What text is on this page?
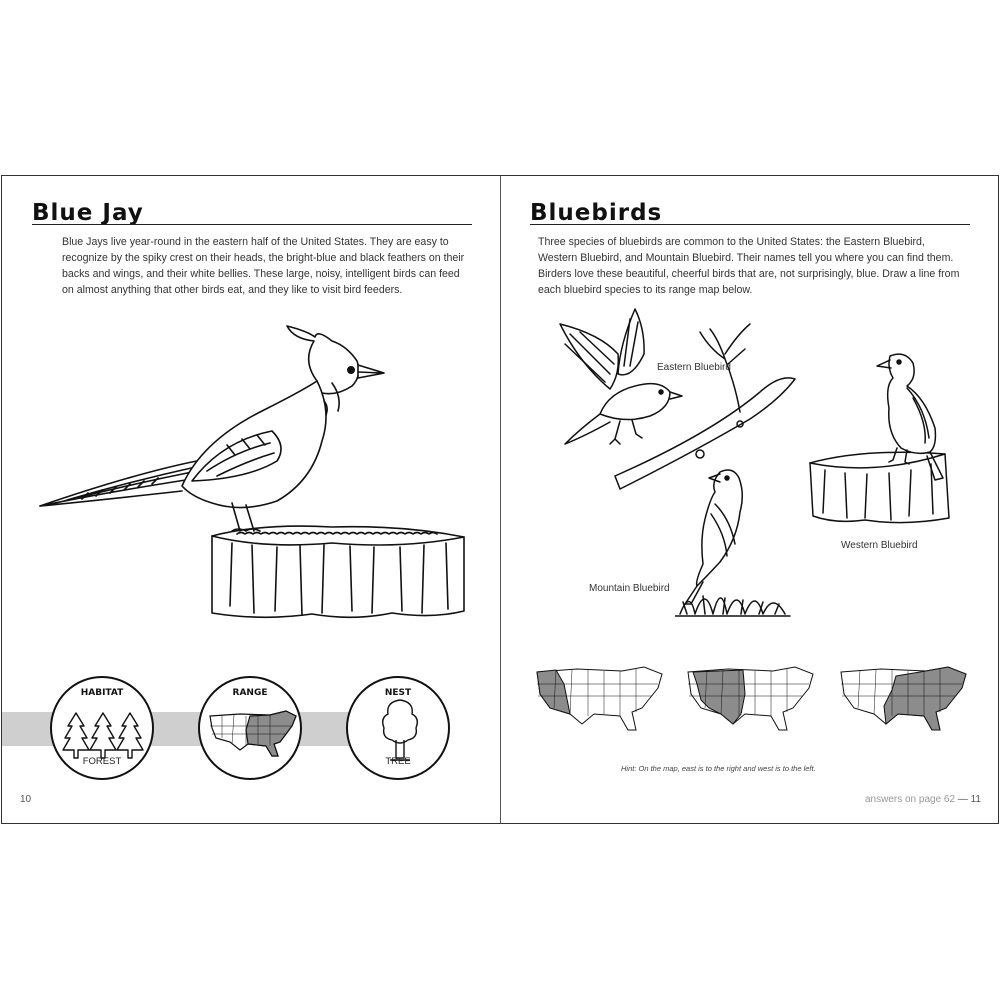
Blue Jay

Blue Jays live year-round in the eastern half of the United States. They are easy to recognize by the spiky crest on their heads, the bright-blue and black feathers on their backs and wings, and their white bellies. These large, noisy, intelligent birds can feed on almost anything that other birds eat, and they like to visit bird feeders.

HABITAT
FOREST
RANGE	NEST
TREE
10
Bluebirds

Three species of bluebirds are common to the United States: the Eastern Bluebird, Western Bluebird, and Mountain Bluebird. Their names tell you where you can find them. Birders love these beautiful, cheerful birds that are, not surprisingly, blue. Draw a line from each bluebird species to its range map below.

Eastern Bluebird
Western Bluebird
Mountain Bluebird
Hint: On the map, east is to the right and west is to the left.
answers on page 62 — 11
